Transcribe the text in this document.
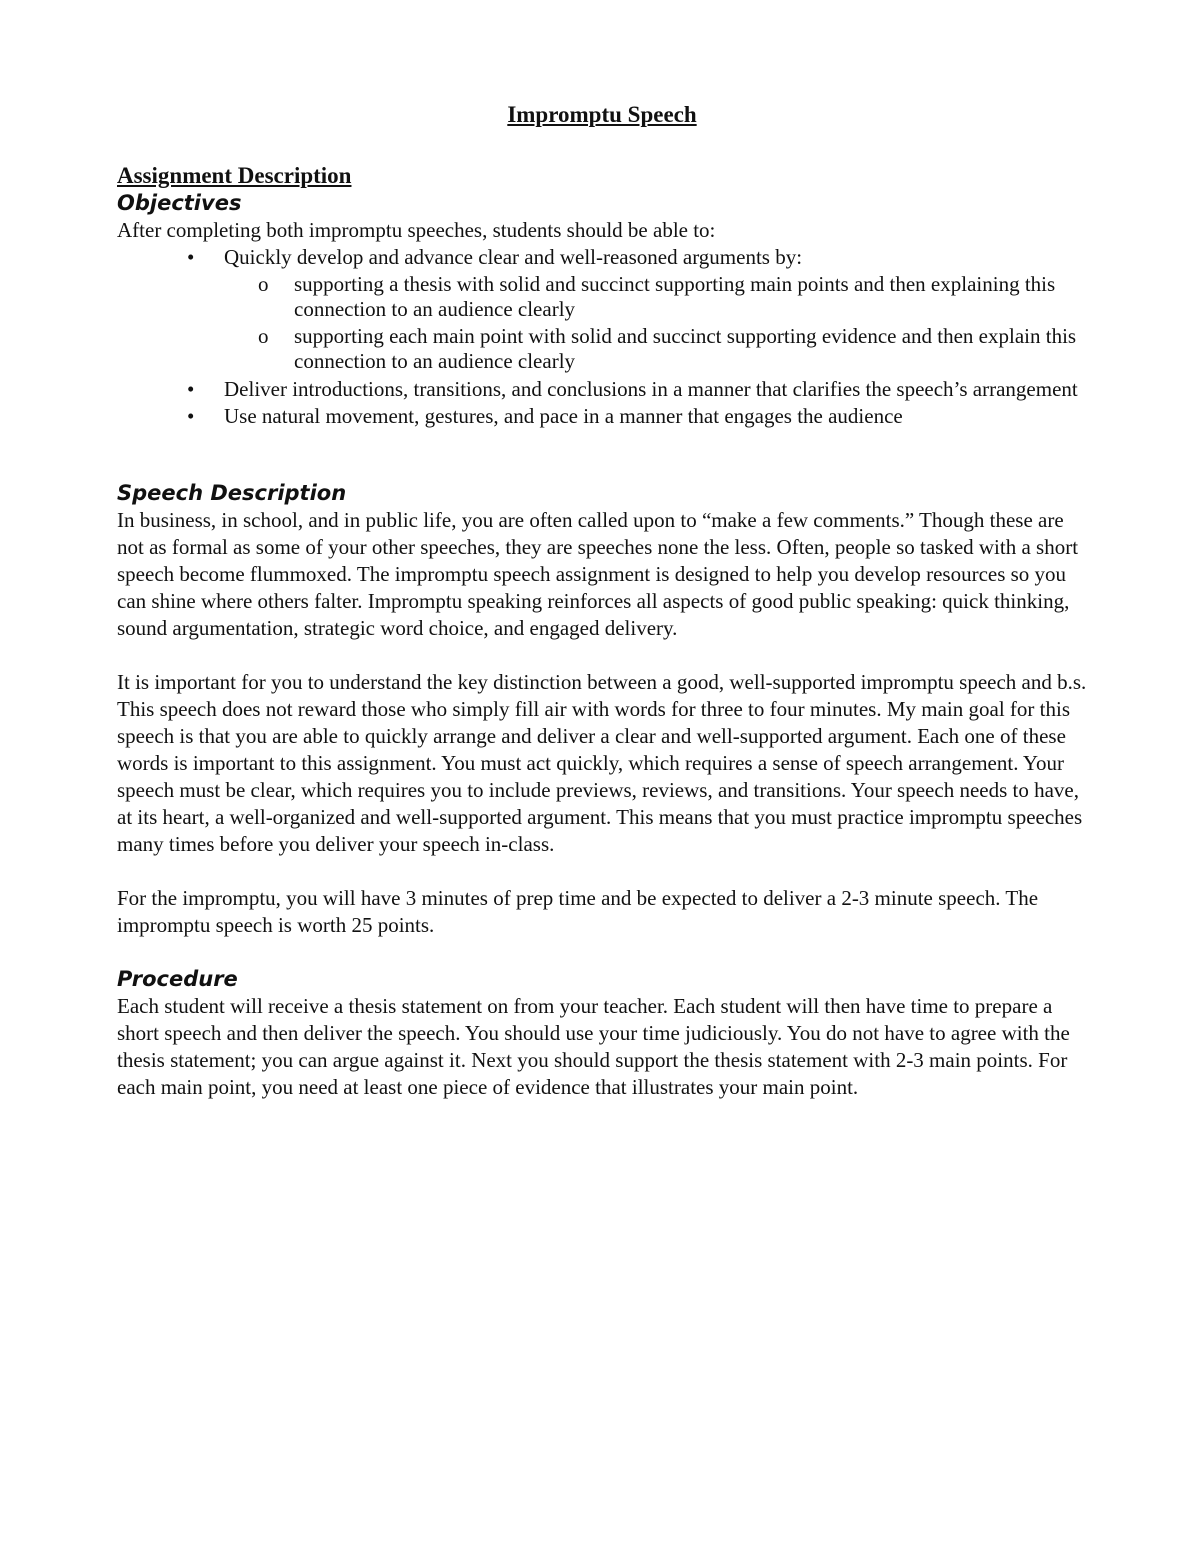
Impromptu Speech
Assignment Description
Objectives

After completing both impromptu speeches, students should be able to:

• Quickly develop and advance clear and well-reasoned arguments by:
o supporting a thesis with solid and succinct supporting main points and then explaining this connection to an audience clearly
o supporting each main point with solid and succinct supporting evidence and then explain this connection to an audience clearly
• Deliver introductions, transitions, and conclusions in a manner that clarifies the speech’s arrangement
• Use natural movement, gestures, and pace in a manner that engages the audience
Speech Description

In business, in school, and in public life, you are often called upon to “make a few comments.” Though these are not as formal as some of your other speeches, they are speeches none the less. Often, people so tasked with a short speech become flummoxed. The impromptu speech assignment is designed to help you develop resources so you can shine where others falter. Impromptu speaking reinforces all aspects of good public speaking: quick thinking, sound argumentation, strategic word choice, and engaged delivery.

It is important for you to understand the key distinction between a good, well-supported impromptu speech and b.s. This speech does not reward those who simply fill air with words for three to four minutes. My main goal for this speech is that you are able to quickly arrange and deliver a clear and well-supported argument. Each one of these words is important to this assignment. You must act quickly, which requires a sense of speech arrangement. Your speech must be clear, which requires you to include previews, reviews, and transitions. Your speech needs to have, at its heart, a well-organized and well-supported argument. This means that you must practice impromptu speeches many times before you deliver your speech in-class.

For the impromptu, you will have 3 minutes of prep time and be expected to deliver a 2-3 minute speech. The impromptu speech is worth 25 points.

Procedure

Each student will receive a thesis statement on from your teacher. Each student will then have time to prepare a short speech and then deliver the speech. You should use your time judiciously. You do not have to agree with the thesis statement; you can argue against it. Next you should support the thesis statement with 2-3 main points. For each main point, you need at least one piece of evidence that illustrates your main point.
